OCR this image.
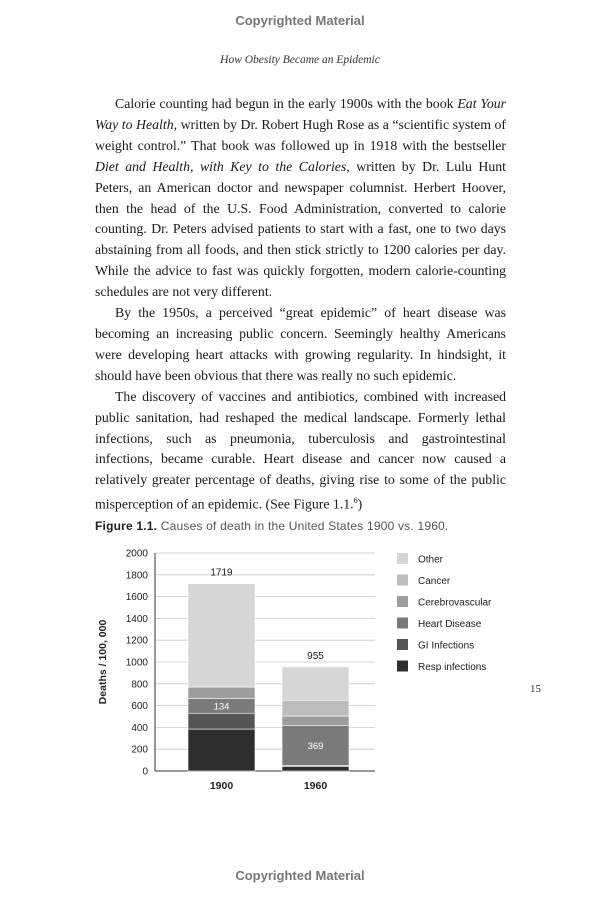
Copyrighted Material
How Obesity Became an Epidemic

Calorie counting had begun in the early 1900s with the book Eat Your Way to Health, written by Dr. Robert Hugh Rose as a “scientific system of weight control.” That book was followed up in 1918 with the bestseller Diet and Health, with Key to the Calories, written by Dr. Lulu Hunt Peters, an American doctor and newspaper columnist. Herbert Hoover, then the head of the U.S. Food Administration, converted to calorie counting. Dr. Peters advised patients to start with a fast, one to two days abstaining from all foods, and then stick strictly to 1200 calories per day. While the advice to fast was quickly forgotten, modern calorie-counting schedules are not very different.

By the 1950s, a perceived “great epidemic” of heart disease was becoming an increasing public concern. Seemingly healthy Americans were developing heart attacks with growing regularity. In hindsight, it should have been obvious that there was really no such epidemic.

The discovery of vaccines and antibiotics, combined with increased public sanitation, had reshaped the medical landscape. Formerly lethal infections, such as pneumonia, tuberculosis and gastrointestinal infections, became curable. Heart disease and cancer now caused a relatively greater percentage of deaths, giving rise to some of the public misperception of an epidemic. (See Figure 1.1.$^6$)

15
Figure 1.1. Causes of death in the United States 1900 vs. 1960.
0
200
400
600
800
1000
1200
1400
1600
1800
2000
Deaths / 100, 000
134
1719
1900
369
955
1960
Other
Cancer
Cerebrovascular
Heart Disease
GI Infections
Resp infections
Copyrighted Material
